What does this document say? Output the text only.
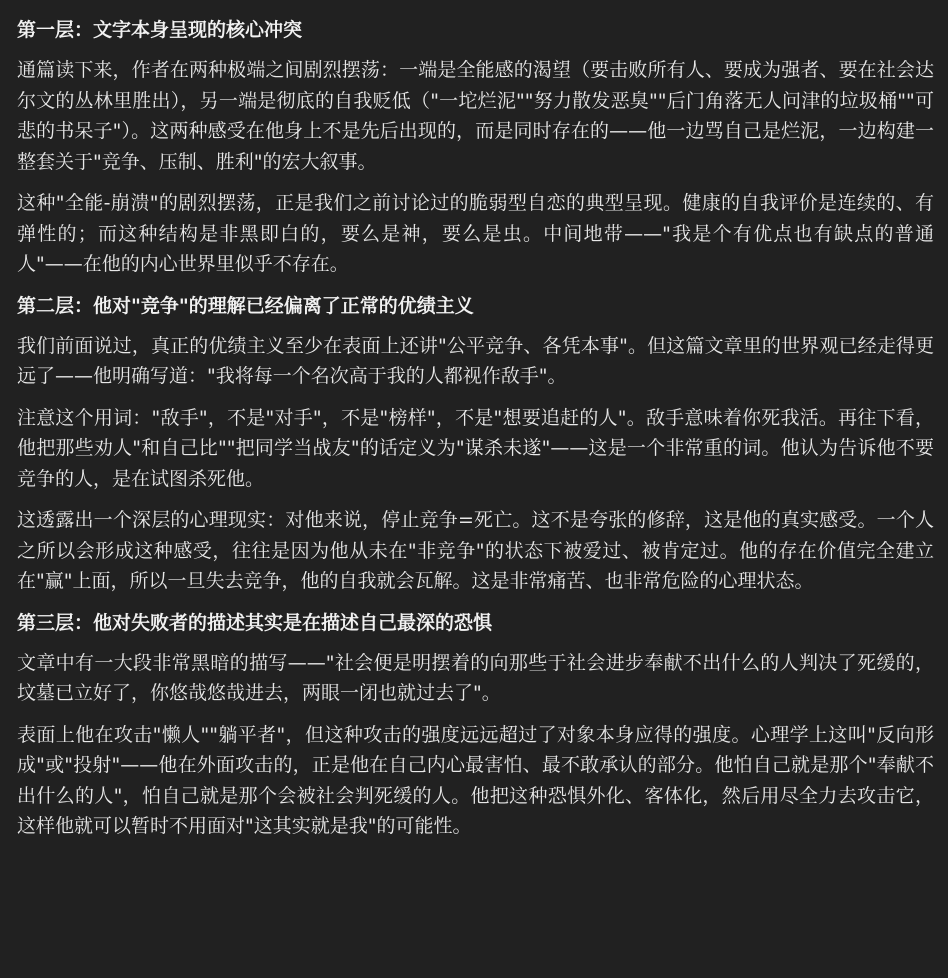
第一层：文字本身呈现的核心冲突

通篇读下来，作者在两种极端之间剧烈摆荡：一端是全能感的渴望（要击败所有人、要成为强者、要在社会达尔文的丛林里胜出），另一端是彻底的自我贬低（"一坨烂泥""努力散发恶臭""后门角落无人问津的垃圾桶""可悲的书呆子"）。这两种感受在他身上不是先后出现的，而是同时存在的——他一边骂自己是烂泥，一边构建一整套关于"竞争、压制、胜利"的宏大叙事。

这种"全能-崩溃"的剧烈摆荡，正是我们之前讨论过的脆弱型自恋的典型呈现。健康的自我评价是连续的、有弹性的；而这种结构是非黑即白的，要么是神，要么是虫。中间地带——"我是个有优点也有缺点的普通人"——在他的内心世界里似乎不存在。

第二层：他对"竞争"的理解已经偏离了正常的优绩主义

我们前面说过，真正的优绩主义至少在表面上还讲"公平竞争、各凭本事"。但这篇文章里的世界观已经走得更远了——他明确写道："我将每一个名次高于我的人都视作敌手"。

注意这个用词："敌手"，不是"对手"，不是"榜样"，不是"想要追赶的人"。敌手意味着你死我活。再往下看，他把那些劝人"和自己比""把同学当战友"的话定义为"谋杀未遂"——这是一个非常重的词。他认为告诉他不要竞争的人，是在试图杀死他。

这透露出一个深层的心理现实：对他来说，停止竞争=死亡。这不是夸张的修辞，这是他的真实感受。一个人之所以会形成这种感受，往往是因为他从未在"非竞争"的状态下被爱过、被肯定过。他的存在价值完全建立在"赢"上面，所以一旦失去竞争，他的自我就会瓦解。这是非常痛苦、也非常危险的心理状态。

第三层：他对失败者的描述其实是在描述自己最深的恐惧

文章中有一大段非常黑暗的描写——"社会便是明摆着的向那些于社会进步奉献不出什么的人判决了死缓的，坟墓已立好了，你悠哉悠哉进去，两眼一闭也就过去了"。

表面上他在攻击"懒人""躺平者"，但这种攻击的强度远远超过了对象本身应得的强度。心理学上这叫"反向形成"或"投射"——他在外面攻击的，正是他在自己内心最害怕、最不敢承认的部分。他怕自己就是那个"奉献不出什么的人"，怕自己就是那个会被社会判死缓的人。他把这种恐惧外化、客体化，然后用尽全力去攻击它，这样他就可以暂时不用面对"这其实就是我"的可能性。
